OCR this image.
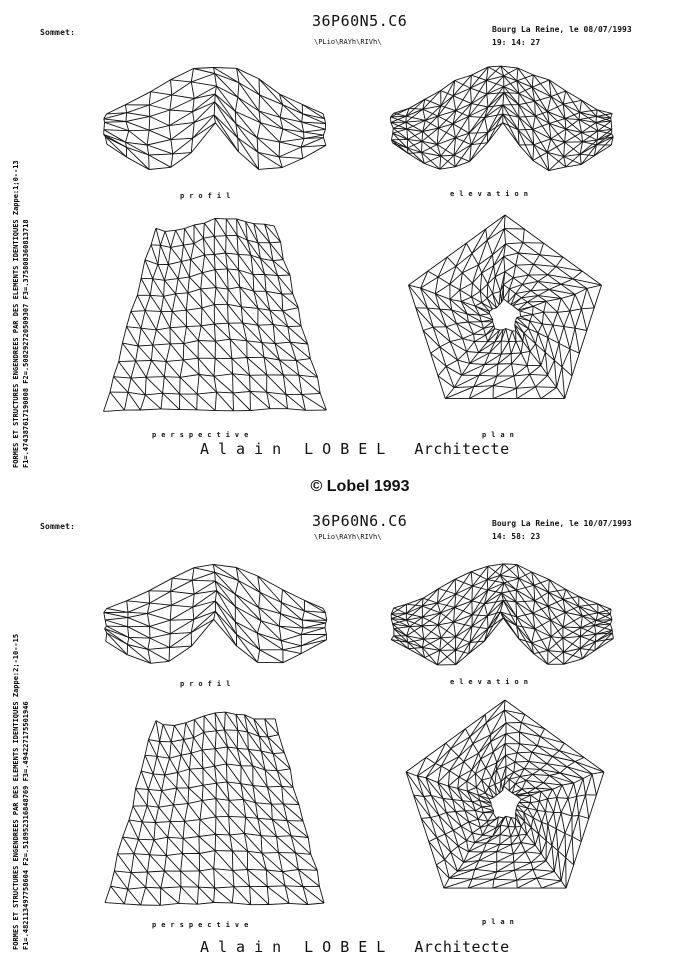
FORMES ET STRUCTURES ENGENDREES PAR DES ELEMENTS IDENTIQUES Zappe:1;0--13 F1=.474387617190808 F2=.508292720509307 F3=.375808360813718
Sommet:
36P60N5.C6
\PLio\RAYh\RIVh\
Bourg La Reine, le 08/07/1993
19: 14: 27
profil	elevation
perspective	plan
Alain LOBEL Architecte
© Lobel 1993
FORMES ET STRUCTURES ENGENDREES PAR DES ELEMENTS IDENTIQUES Zappe:2;-10--15 F1=.482113497758604 F2=.518952316848769 F3=.494227175501946
Sommet:	36P60N6.C6
\PLio\RAYh\RIVh\
Bourg La Reine, le 10/07/1993
14: 58: 23
profil	elevation
perspective	plan
Alain LOBEL Architecte
